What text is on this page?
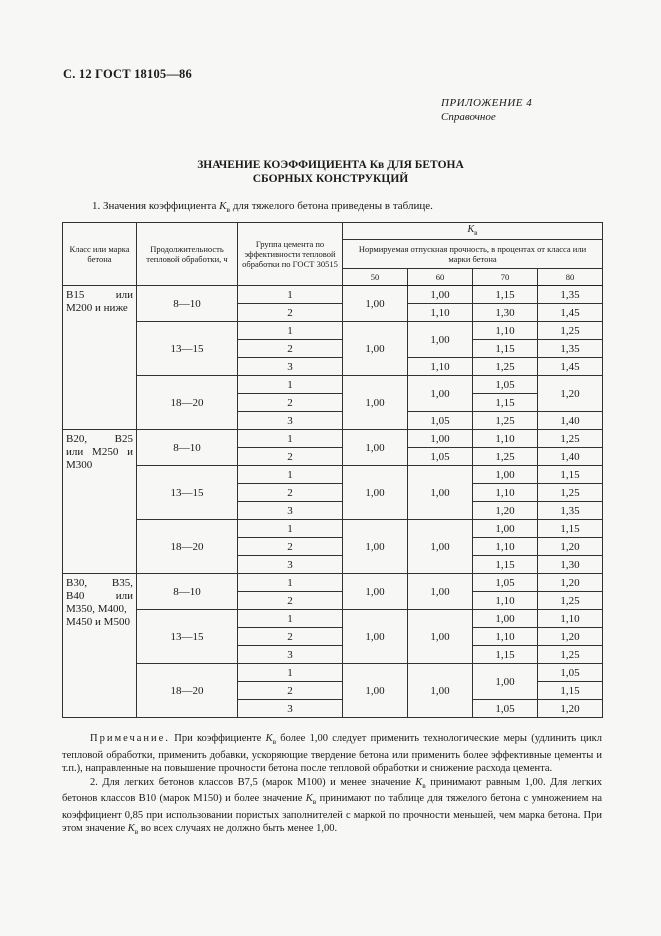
С. 12 ГОСТ 18105—86
ПРИЛОЖЕНИЕ 4
Справочное
ЗНАЧЕНИЕ КОЭФФИЦИЕНТА Кв ДЛЯ БЕТОНА
СБОРНЫХ КОНСТРУКЦИЙ
1. Значения коэффициента $К_в$ для тяжелого бетона приведены в таблице.
Класс или марка бетона	Продолжительность тепловой обработки, ч	Группа цемента по эффективности тепловой обработки по ГОСТ 30515	$К_в$
			Нормируемая отпускная прочность, в процентах от класса или марки бетона			
			50	60	70	80

В15 или
М200 и ниже	8—10	1	1,00	1,00	1,15	1,35
		2		1,10	1,30	1,45
	13—15	1	1,00	1,00	1,10	1,25
		2			1,15	1,35
		3		1,10	1,25	1,45
	18—20	1	1,00	1,00	1,05	1,20
		2			1,15	
		3		1,05	1,25	1,40

В20, В25
или М250 и
М300	8—10	1	1,00	1,00	1,10	1,25
		2		1,05	1,25	1,40
	13—15	1	1,00	1,00	1,00	1,15
		2			1,10	1,25
		3			1,20	1,35
	18—20	1	1,00	1,00	1,00	1,15
		2			1,10	1,20
		3			1,15	1,30

В30, В35,
В40 или
М350, М400,
М450 и М500	8—10	1	1,00	1,00	1,05	1,20
		2			1,10	1,25
	13—15	1	1,00	1,00	1,00	1,10
		2			1,10	1,20
		3			1,15	1,25
	18—20	1	1,00	1,00	1,00	1,05
		2				1,15
		3			1,05	1,20

Примечание. При коэффициенте $К_в$ более 1,00 следует применить технологические меры (удлинить цикл тепловой обработки, применить добавки, ускоряющие твердение бетона или применить более эффективные цементы и т.п.), направленные на повышение прочности бетона после тепловой обработки и снижение расхода цемента.

2. Для легких бетонов классов В7,5 (марок М100) и менее значение $К_в$ принимают равным 1,00. Для легких бетонов классов В10 (марок М150) и более значение $К_в$ принимают по таблице для тяжелого бетона с умножением на коэффициент 0,85 при использовании пористых заполнителей с маркой по прочности меньшей, чем марка бетона. При этом значение $К_в$ во всех случаях не должно быть менее 1,00.
